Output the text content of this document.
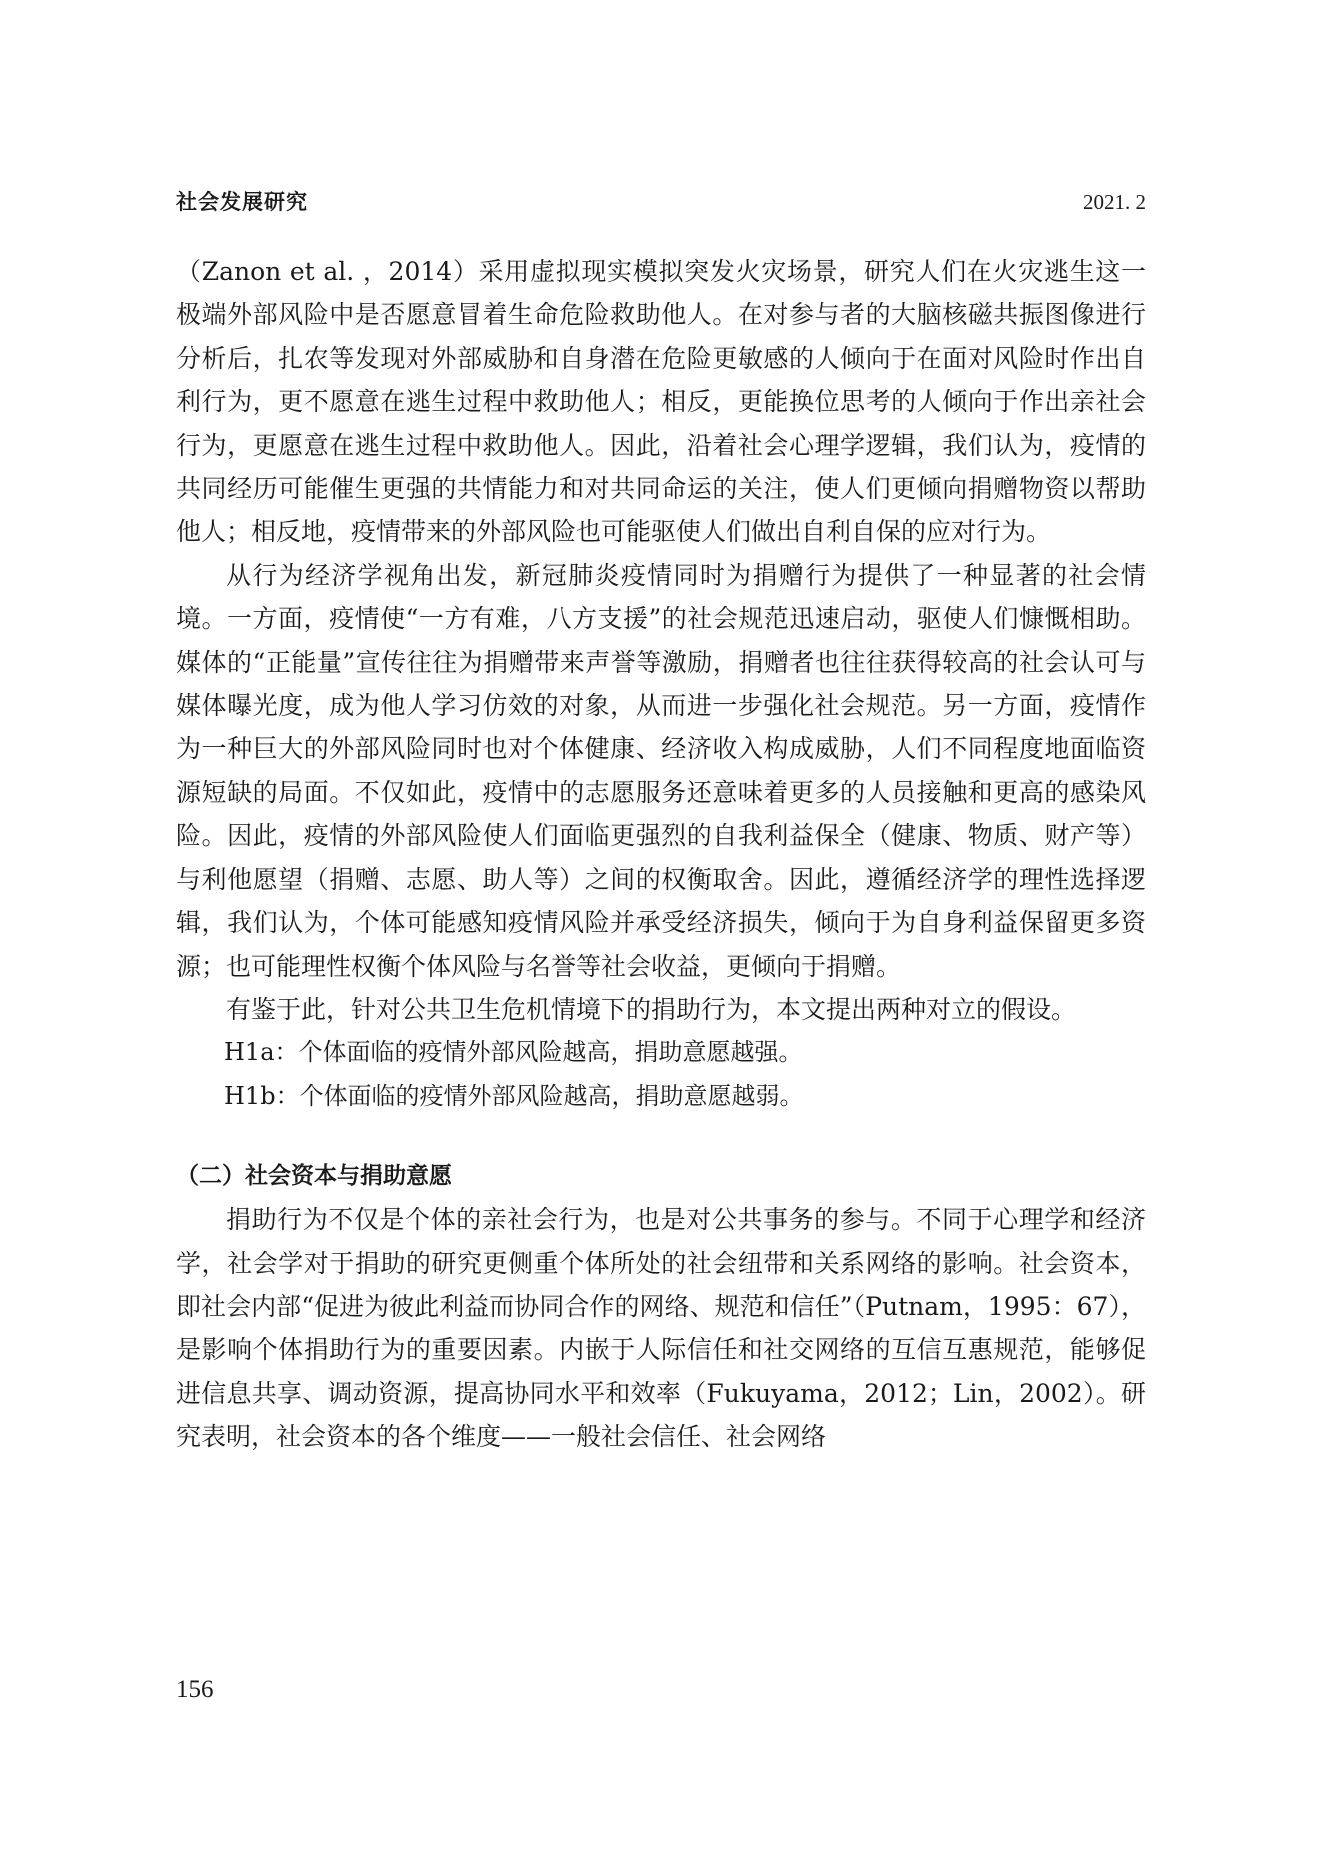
社会发展研究	2021. 2

（Zanon et al. ，2014）采用虚拟现实模拟突发火灾场景，研究人们在火灾逃生这一极端外部风险中是否愿意冒着生命危险救助他人。在对参与者的大脑核磁共振图像进行分析后，扎农等发现对外部威胁和自身潜在危险更敏感的人倾向于在面对风险时作出自利行为，更不愿意在逃生过程中救助他人；相反，更能换位思考的人倾向于作出亲社会行为，更愿意在逃生过程中救助他人。因此，沿着社会心理学逻辑，我们认为，疫情的共同经历可能催生更强的共情能力和对共同命运的关注，使人们更倾向捐赠物资以帮助他人；相反地，疫情带来的外部风险也可能驱使人们做出自利自保的应对行为。

从行为经济学视角出发，新冠肺炎疫情同时为捐赠行为提供了一种显著的社会情境。一方面，疫情使“一方有难，八方支援”的社会规范迅速启动，驱使人们慷慨相助。媒体的“正能量”宣传往往为捐赠带来声誉等激励，捐赠者也往往获得较高的社会认可与媒体曝光度，成为他人学习仿效的对象，从而进一步强化社会规范。另一方面，疫情作为一种巨大的外部风险同时也对个体健康、经济收入构成威胁，人们不同程度地面临资源短缺的局面。不仅如此，疫情中的志愿服务还意味着更多的人员接触和更高的感染风险。因此，疫情的外部风险使人们面临更强烈的自我利益保全（健康、物质、财产等）与利他愿望（捐赠、志愿、助人等）之间的权衡取舍。因此，遵循经济学的理性选择逻辑，我们认为，个体可能感知疫情风险并承受经济损失，倾向于为自身利益保留更多资源；也可能理性权衡个体风险与名誉等社会收益，更倾向于捐赠。

有鉴于此，针对公共卫生危机情境下的捐助行为，本文提出两种对立的假设。

H1a：个体面临的疫情外部风险越高，捐助意愿越强。

H1b：个体面临的疫情外部风险越高，捐助意愿越弱。

（二）社会资本与捐助意愿

捐助行为不仅是个体的亲社会行为，也是对公共事务的参与。不同于心理学和经济学，社会学对于捐助的研究更侧重个体所处的社会纽带和关系网络的影响。社会资本，即社会内部“促进为彼此利益而协同合作的网络、规范和信任”（Putnam，1995：67），是影响个体捐助行为的重要因素。内嵌于人际信任和社交网络的互信互惠规范，能够促进信息共享、调动资源，提高协同水平和效率（Fukuyama，2012；Lin，2002）。研究表明，社会资本的各个维度——一般社会信任、社会网络

156
